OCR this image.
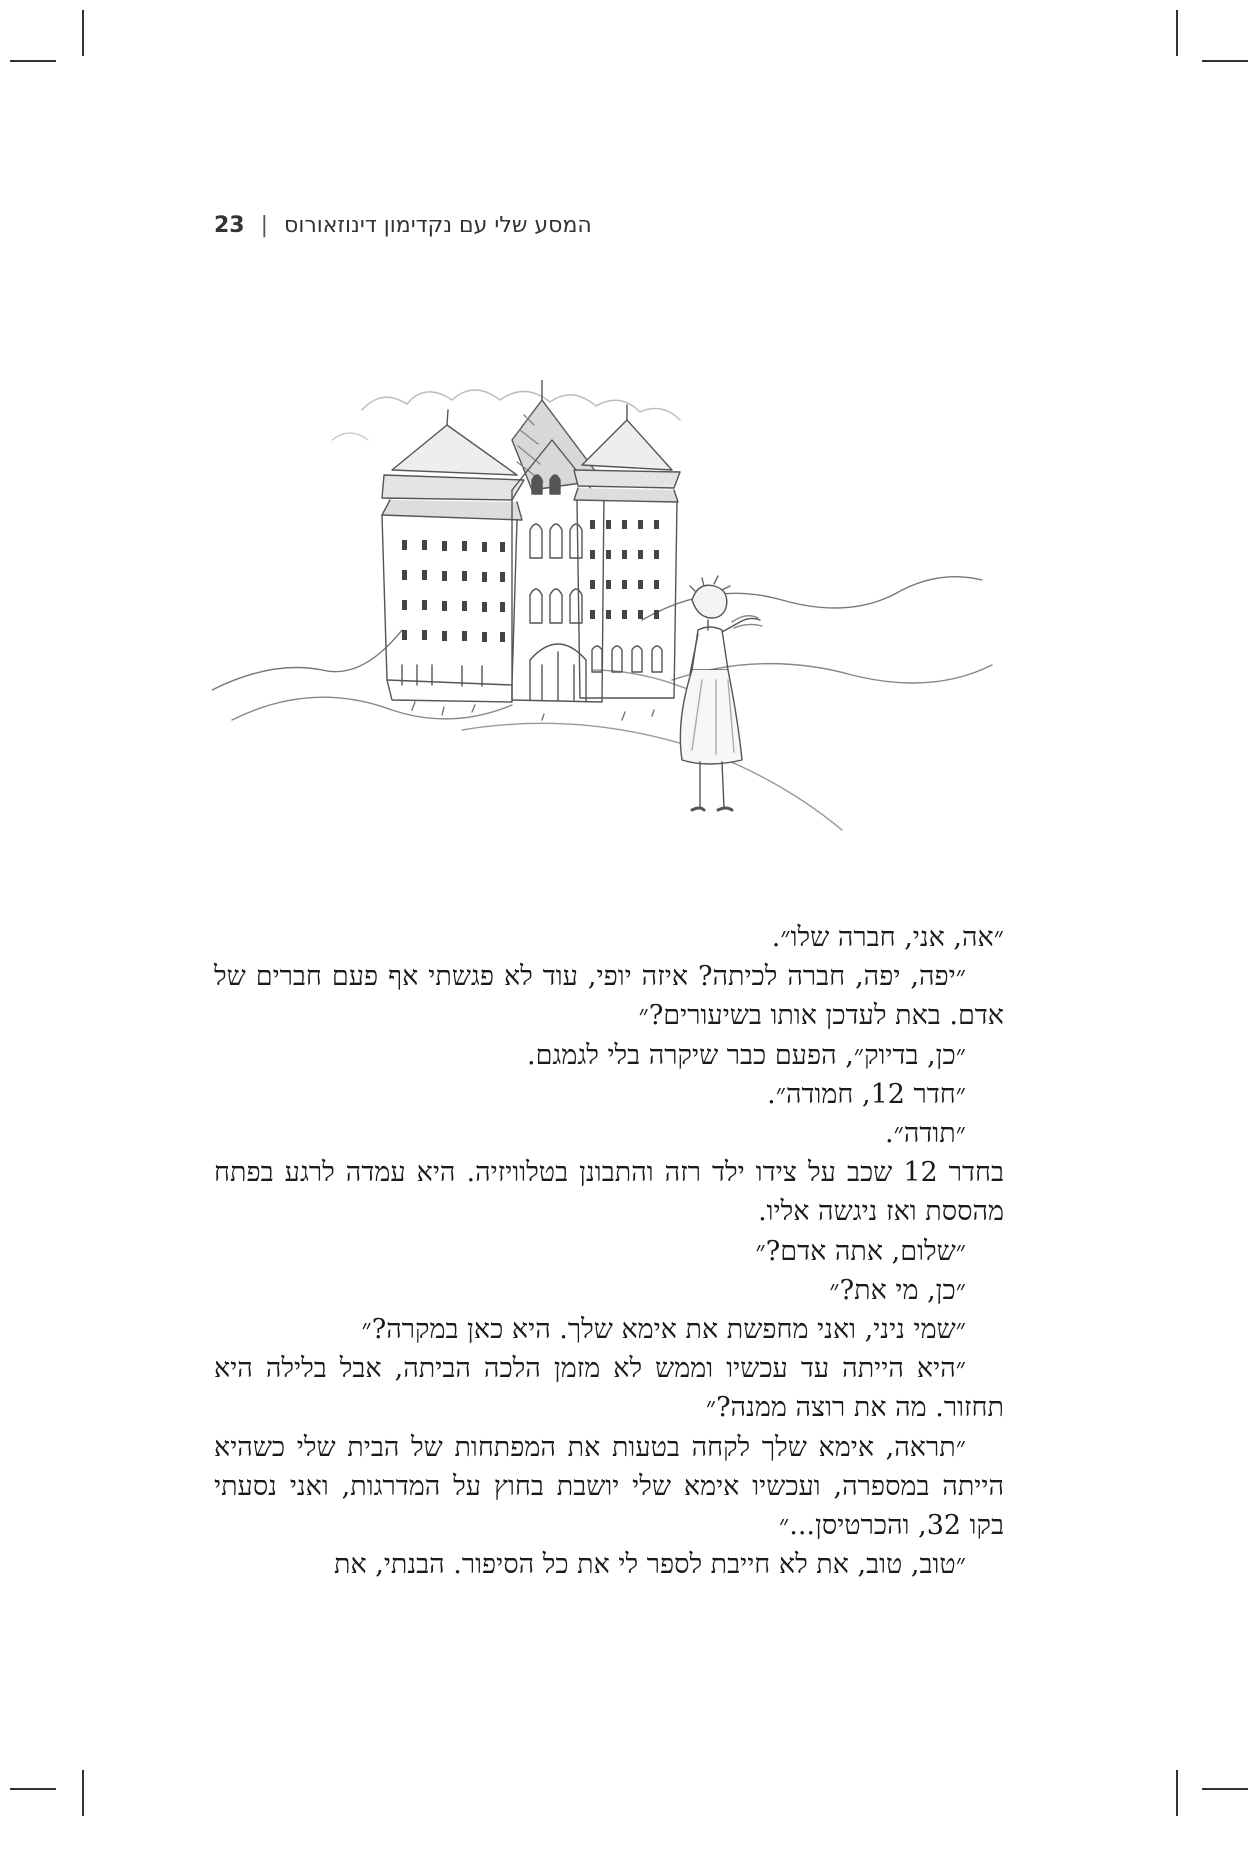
23 | המסע שלי עם נקדימון דינוזאורוס

״אה, אני, חברה שלו״.

״יפה, יפה, חברה לכיתה? איזה יופי, עוד לא פגשתי אף פעם חברים של אדם. באת לעדכן אותו בשיעורים?״

״כן, בדיוק״, הפעם כבר שיקרה בלי לגמגם.

״חדר 12, חמודה״.

״תודה״.

בחדר 12 שכב על צידו ילד רזה והתבונן בטלוויזיה. היא עמדה לרגע בפתח מהססת ואז ניגשה אליו.

״שלום, אתה אדם?״

״כן, מי את?״

״שמי ניני, ואני מחפשת את אימא שלך. היא כאן במקרה?״

״היא הייתה עד עכשיו וממש לא מזמן הלכה הביתה, אבל בלילה היא תחזור. מה את רוצה ממנה?״

״תראה, אימא שלך לקחה בטעות את המפתחות של הבית שלי כשהיא הייתה במספרה, ועכשיו אימא שלי יושבת בחוץ על המדרגות, ואני נסעתי בקו 32, והכרטיסן...״

״טוב, טוב, את לא חייבת לספר לי את כל הסיפור. הבנתי, את
